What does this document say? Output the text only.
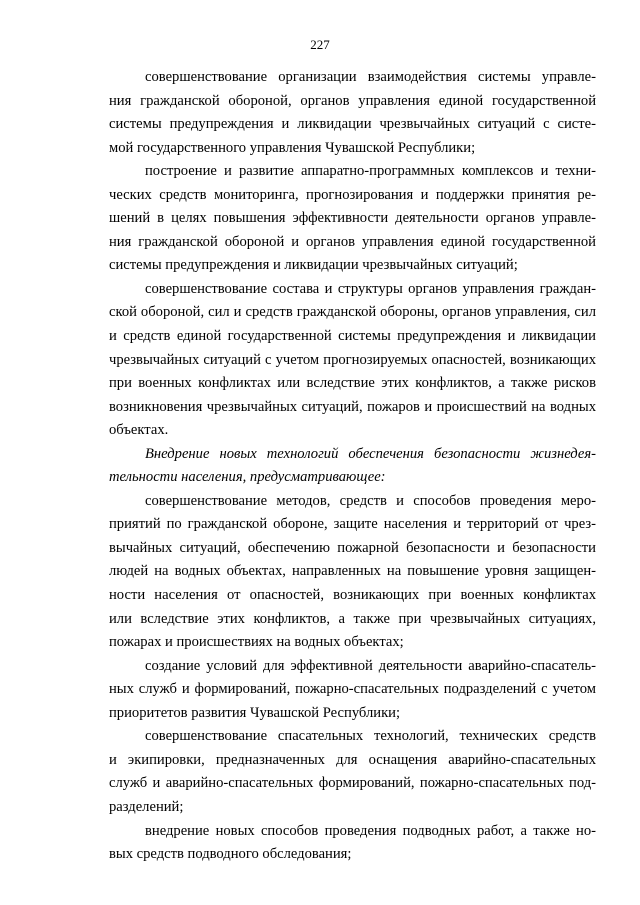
227
совершенствование организации взаимодействия системы управле-
ния гражданской обороной, органов управления единой государственной
системы предупреждения и ликвидации чрезвычайных ситуаций с систе-
мой государственного управления Чувашской Республики;
построение и развитие аппаратно-программных комплексов и техни-
ческих средств мониторинга, прогнозирования и поддержки принятия ре-
шений в целях повышения эффективности деятельности органов управле-
ния гражданской обороной и органов управления единой государственной
системы предупреждения и ликвидации чрезвычайных ситуаций;
совершенствование состава и структуры органов управления граждан-
ской обороной, сил и средств гражданской обороны, органов управления, сил
и средств единой государственной системы предупреждения и ликвидации
чрезвычайных ситуаций с учетом прогнозируемых опасностей, возникающих
при военных конфликтах или вследствие этих конфликтов, а также рисков
возникновения чрезвычайных ситуаций, пожаров и происшествий на водных
объектах.
Внедрение новых технологий обеспечения безопасности жизнедея-
тельности населения, предусматривающее:
совершенствование методов, средств и способов проведения меро-
приятий по гражданской обороне, защите населения и территорий от чрез-
вычайных ситуаций, обеспечению пожарной безопасности и безопасности
людей на водных объектах, направленных на повышение уровня защищен-
ности населения от опасностей, возникающих при военных конфликтах
или вследствие этих конфликтов, а также при чрезвычайных ситуациях,
пожарах и происшествиях на водных объектах;
создание условий для эффективной деятельности аварийно-спасатель-
ных служб и формирований, пожарно-спасательных подразделений с учетом
приоритетов развития Чувашской Республики;
совершенствование спасательных технологий, технических средств
и экипировки, предназначенных для оснащения аварийно-спасательных
служб и аварийно-спасательных формирований, пожарно-спасательных под-
разделений;
внедрение новых способов проведения подводных работ, а также но-
вых средств подводного обследования;
